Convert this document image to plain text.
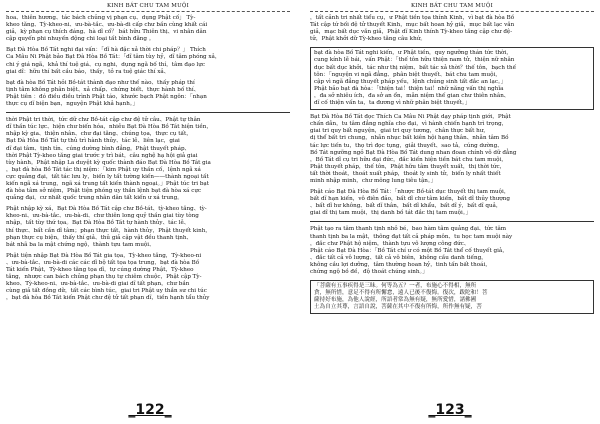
KINH BÁT CHU TAM MUỘI

hoa、thiên hương、tác bách chủng vị phạn cụ、dụng Phật cố」 Tỳ-

kheo tăng、Tỳ-kheo-ni、ưu-bà-tắc、ưu-bà-di cấp chư bần cùng khất cái

giả，kỳ phạn cụ thích đáng、hà dĩ cố？ bát hữu Thiên thị、vi nhân dân

cập quyến phi nhuyến động chi loại tất bình đăng 。

Bạt Đà Hòa Bồ Tát nghi đại vấn：「dĩ hà đặc xả thời chi pháp？」 Thích

Ca Mâu Ni Phật bảo Bạt Đà Hòa Bồ Tát：「dĩ tâm tùy hỷ，dĩ tâm phóng xả，

chi ý giá ngã，khả thí tuệ giá、cụ nghi，dụng ngã bố thí，tâm đạo lực

giai dĩ：hữu thí bất cầu báo，thấy，tỏ ra tuệ giác thí xả、

bạt đà hòa Bồ Tát hỏi Bồ-tát thành đạo như thế nào、thấy pháp thí

tịnh tâm không phân biệt、xả chấp、chứng biết、thực hành bố thí、

Phật tiên ：đó điều điều trình Phật táo，khước bạch Phật ngôn：「nhạn

thực cụ dĩ biện bạn，nguyện Phật khả hạnh。」

thời Phật tri thời，tức dữ chư Bồ-tát cập chư đệ tử câu、Phật tự thân

dĩ thần túc lực、hiện chư biến hóa，nhiễu Bạt Đà Hòa Bồ Tát hiện tiền，

nhập kỳ gia、thiện nhân、chư đại tăng、chúng tọa，thực cụ tất，

Bạt Đà Hòa Bồ Tát tự thủ trì hành thủy、tác lễ、liên lạc，giai

dĩ đại tâm、tịnh tín、cúng dường bình đẳng。Phật thuyết pháp、

thời Phật Tỳ-kheo tăng giai trước y trì bát，câu nghệ hạ hội giả giai

tùy hành。Phật nhập La duyệt kỳ quốc thành đáo Bạt Đà Hòa Bồ Tát gia

，bạt đà hòa Bồ Tát tác thị niệm：「kim Phật uy thần cố，lệnh ngã xá

cực quảng đại，tất tác lưu ly，biến ly tất tường kiến——thành ngoại tất

kiến ngã xá trung，ngã xá trung tất kiến thành ngoại。」Phật túc tri bạt

đà hòa tâm sở niệm，Phật tiện phóng uy thần lệnh bạt đà hòa xá cực

quảng đại，cư nhất quốc trung nhân dân tất kiến ư xá trung。

Phật nhập kỳ xá，Bạt Đà Hòa Bồ Tát cập chư Bồ-tát、tỳ-kheo tăng、tỳ-

kheo-ni、ưu-bà-tắc、ưu-bà-di、chư thiên long quỷ thần giai tùy tòng

nhập，tất tùy thứ tọa。Bạt Đà Hòa Bồ Tát tự hành thủy、tác lễ、

thí thực、bất cần dĩ tâm；phạn thực tất，hành thủy，Phật thuyết kinh，

phạn thực cụ biện，thấy thí giả、thủ giả cập vật đều thanh tịnh、

bát nhã ba la mật chứng ngộ，thành tựu tam muội、

Phật tiện nhập Bạt Đà Hòa Bồ Tát gia tọa，Tỳ-kheo tăng，Tỳ-kheo-ni

、ưu-bà-tắc、ưu-bà-di các các dĩ bộ tất tọa tọa trung，bạt đà hòa Bồ

Tát kiến Phật，Tỳ-kheo tăng tọa dĩ，tự cúng dường Phật，Tỳ-kheo

tăng，nhược can bách chủng phạn thụ tự chiêm chuộc，Phật cập Tỳ-

kheo、Tỳ-kheo-ni、ưu-bà-tắc、ưu-bà-di giai dĩ tất phạn，chư bần

cùng giả tất đồng dữ，tất các bình túc，giai tri Phật uy thần sư chi túc

，bạt đà hòa Bồ Tát kiến Phật chư đệ tử tất phạn dĩ，tiền hạnh tẩu thủy

_122_
KINH BÁT CHU TAM MUỘI

，tất cảnh tri nhất tiểu cụ，ư Phật tiền tọa thính Kinh，vì bạt đà hòa Bồ

Tát cập tứ bối đệ tử thuyết Kinh，mục bất hoan hỷ giả，mục bất lạc văn

giả，mạc bất dục văn giả，Phật dĩ Kinh thính Tỳ-kheo tăng cập chư đệ-

tử，Phật khởi dữ Tỳ-kheo tăng câu khứ。

bạt đà hòa Bồ Tát nghi kiến，ư Phật tiền，quy ngưỡng thán tức thời，

cung kính lễ bái，vấn Phật：「thế tôn hữu thiện nam tử、thiện nữ nhân

dục bất dục khởi、tác như thị niệm、bất tác xả thời？thế tôn，bạch thế

tôn：「nguyện vi ngã đẳng、phân biệt thuyết、bát chu tam muội，

cập vì ngã đẳng thuyết pháp yếu，lệnh chúng sinh tất đắc an lạc。」

Phật bảo bạt đà hòa：「thiện tai！thiện tai！nhữ năng vấn thị nghĩa

，đa sở nhiêu ích，đa sở an ổn，mẫn niệm thế gian chư thiên nhân、

dĩ cố thiện vấn ta，ta đương vì nhữ phân biệt thuyết。」

Bạt Đà Hòa Bồ Tát đọc Thích Ca Mâu Ni Phật dạy pháp tịnh giới，Phật

chấn dẫn，tu tâm đẳng nghĩa cho đại，vì hành chiến hạnh trì trọng，

giai tri quy bất nguyện，giai tri quy tương，chân thực bất hư，

dị thể bất tri chung，nhẫn nhục bất kiên hội hạng thân、nhẫn tâm Bồ

tác lực tiến tu，thọ trì đọc tụng，giải thuyết、sao tả，cúng dường、

Bồ Tát ngưỡng ngỏ Bạt Đà Hòa Bồ Tát dung nhan đoan chính vô dữ đẳng

，Bồ Tát dĩ cụ tri hữu đại đức，đắc kiến hiện tiền bát chu tam muội，

Phật thuyết pháp，thế tôn，Phật hữu tâm thuyết xuất，thị thời tức，

tất thời thoát，thoát xuất pháp，thoát ly sinh tử，biến ly nhất thiết

minh nhập minh，chư mông lung tiêu tận。」

Phật cáo Bạt Đà Hòa Bồ Tát：「nhược Bồ-tát dục thuyết thị tam muội，

bất dĩ hạn kiến，vô điên đảo，bất dĩ chư tâm kiến，bất dĩ thủy thượng

、bất dĩ hư không、bất dĩ thân，bất dĩ khẩu，bất dĩ ý，bất dĩ quả，

giai dĩ thị tam muội，thị danh bồ tát đắc thị tam muội。」

Phật tạo ra tâm thanh tịnh nhỏ bé，bao hàm tâm quảng đại、tức tâm

thanh tịnh ba la mật，thông đạt tất cả pháp môn、tu học tam muội này

，đắc chư Phật hộ niệm，thành tựu vô lượng công đức、

Phật cáo Bạt Đà Hòa：「Bồ Tát chí ư có một Bồ Tát thể cố thuyết giả，

、đắc tất cả vô lượng、tất cả vô biên，không cầu danh tiếng，

không cầu lợi dưỡng，tâm thường hoan hỷ，tinh tấn bất thoái，

chứng ngộ bồ đề，độ thoát chúng sinh。」

「菩薩有五事疾得是三昧。何等為五？一者，布施心不得相，無所

貪，無所惜，意足不得有所懈怠，遠人已後不復悔。復次，跋陀和！菩

薩持好布施，為他人說經，所語者常為無有疑，無所愛惜，諸佛國

土為自立其尊，言語自說，菩薩在其中不復有所悔，所作無有疑，菩

_123_
